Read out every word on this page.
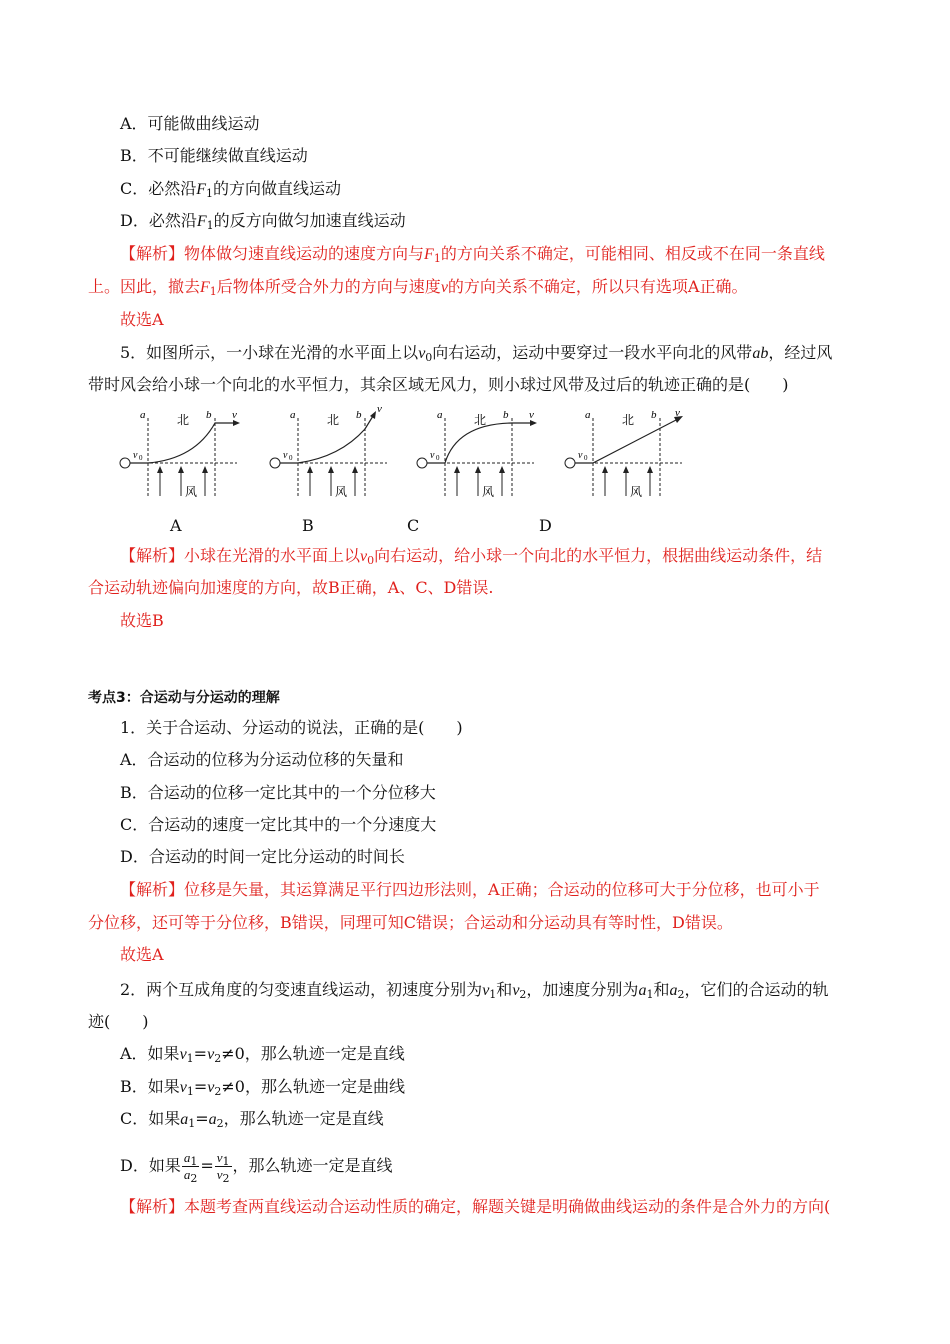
A．可能做曲线运动
B．不可能继续做直线运动
C．必然沿$F_1$的方向做直线运动
D．必然沿$F_1$的反方向做匀加速直线运动
【解析】物体做匀速直线运动的速度方向与$F_1$的方向关系不确定，可能相同、相反或不在同一条直线
上。因此，撤去$F_1$后物体所受合外力的方向与速度v的方向关系不确定，所以只有选项A正确。
故选A
5．如图所示，一小球在光滑的水平面上以$v_0$向右运动，运动中要穿过一段水平向北的风带ab，经过风
带时风会给小球一个向北的水平恒力，其余区域无风力，则小球过风带及过后的轨迹正确的是(　　)
a	b v
北
风
v 0
a	b v
北
风
v 0
a	b v
北
风
v 0
a	b v
北
风
v 0
A	B	C	D
【解析】小球在光滑的水平面上以$v_0$向右运动，给小球一个向北的水平恒力，根据曲线运动条件，结
合运动轨迹偏向加速度的方向，故B正确，A、C、D错误.
故选B
考点3：合运动与分运动的理解
1．关于合运动、分运动的说法，正确的是(　　)
A．合运动的位移为分运动位移的矢量和
B．合运动的位移一定比其中的一个分位移大
C．合运动的速度一定比其中的一个分速度大
D．合运动的时间一定比分运动的时间长
【解析】位移是矢量，其运算满足平行四边形法则，A正确；合运动的位移可大于分位移，也可小于
分位移，还可等于分位移，B错误，同理可知C错误；合运动和分运动具有等时性，D错误。
故选A
2．两个互成角度的匀变速直线运动，初速度分别为$v_1$和$v_2$，加速度分别为$a_1$和$a_2$，它们的合运动的轨
迹(　　)
A．如果$v_1=v_2\ne 0$，那么轨迹一定是直线
B．如果$v_1=v_2\ne 0$，那么轨迹一定是曲线
C．如果$a_1=a_2$，那么轨迹一定是直线
D．如果 $\frac{a_1}{a_2} = \frac{v_1}{v_2}$ ，那么轨迹一定是直线
【解析】本题考查两直线运动合运动性质的确定，解题关键是明确做曲线运动的条件是合外力的方向(
